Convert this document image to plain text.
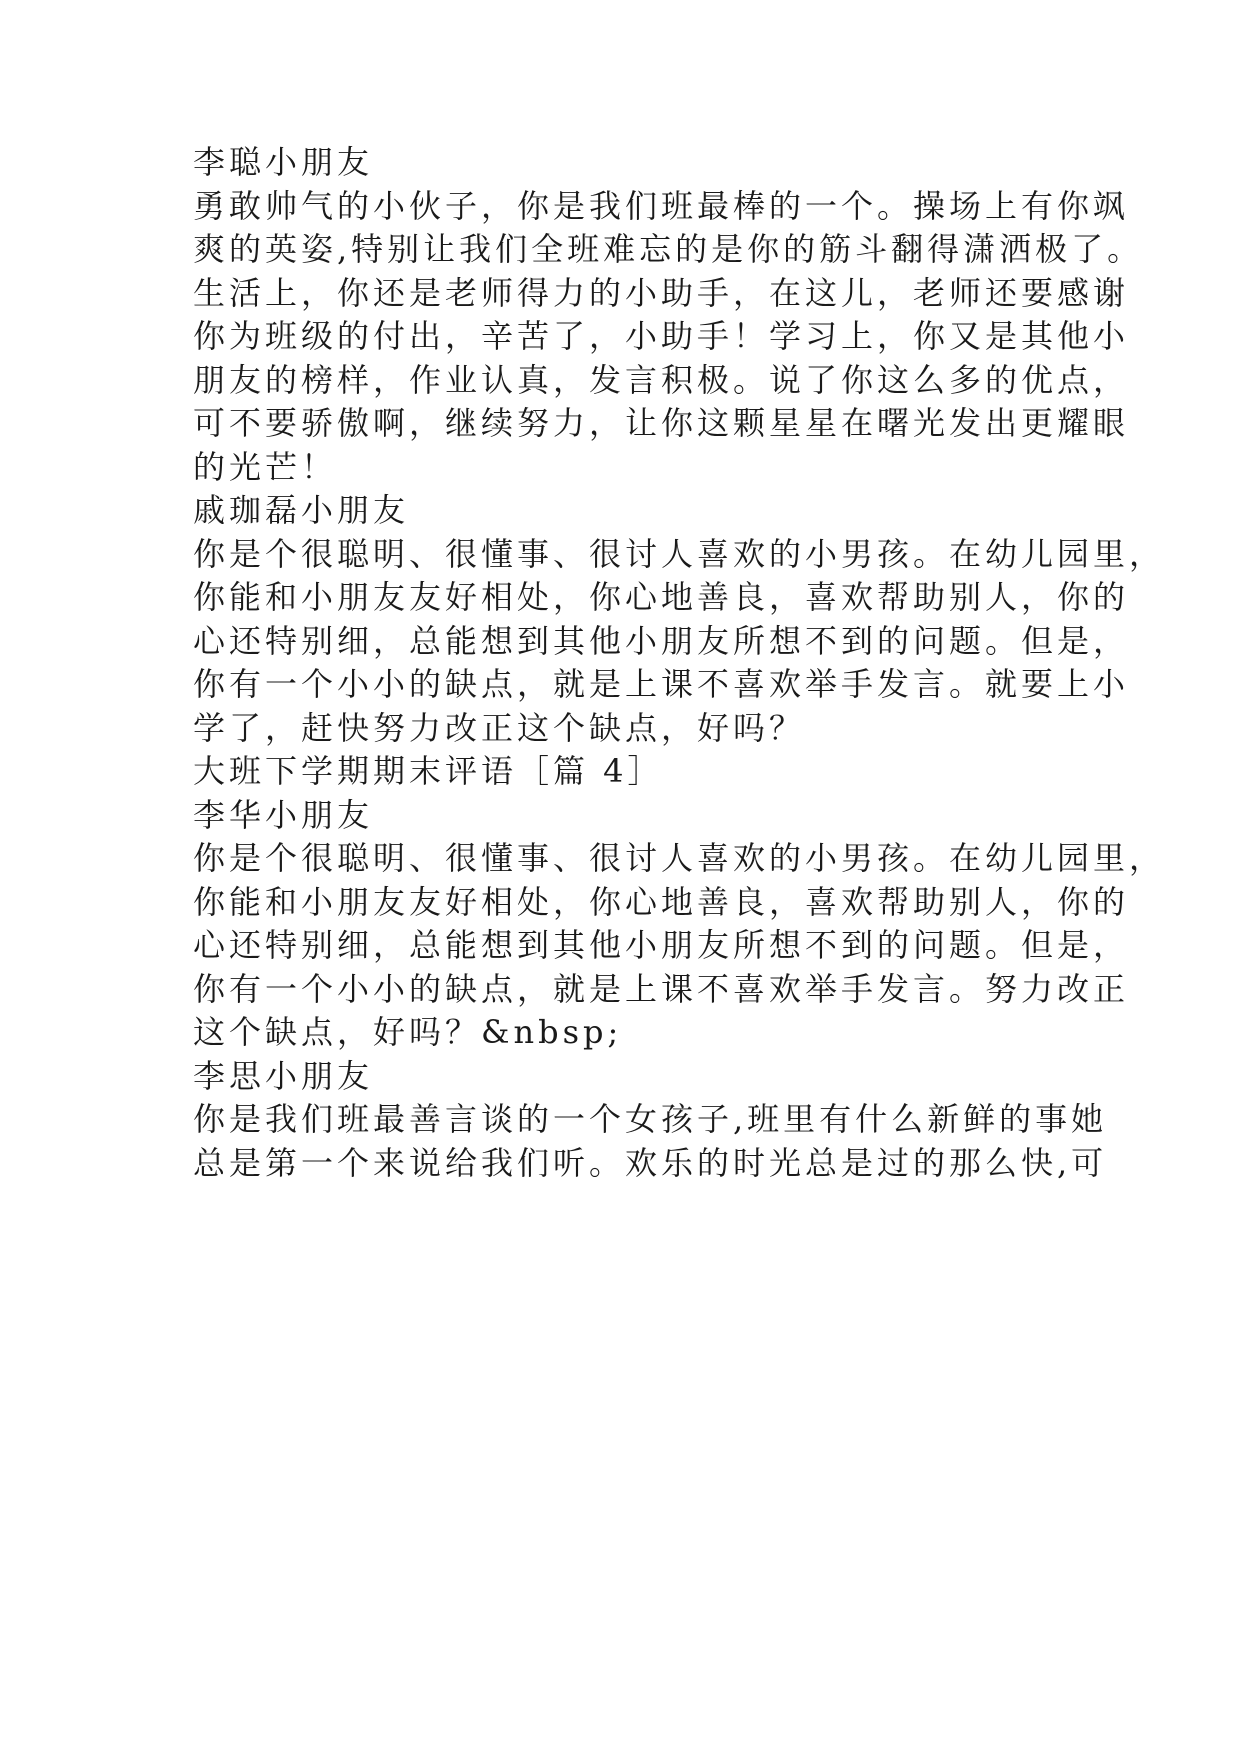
李聪小朋友
勇敢帅气的小伙子，你是我们班最棒的一个。操场上有你飒
爽的英姿,特别让我们全班难忘的是你的筋斗翻得潇洒极了。
生活上，你还是老师得力的小助手，在这儿，老师还要感谢
你为班级的付出，辛苦了，小助手！学习上，你又是其他小
朋友的榜样，作业认真，发言积极。说了你这么多的优点，
可不要骄傲啊，继续努力，让你这颗星星在曙光发出更耀眼
的光芒！
戚珈磊小朋友
你是个很聪明、很懂事、很讨人喜欢的小男孩。在幼儿园里，
你能和小朋友友好相处，你心地善良，喜欢帮助别人，你的
心还特别细，总能想到其他小朋友所想不到的问题。但是，
你有一个小小的缺点，就是上课不喜欢举手发言。就要上小
学了，赶快努力改正这个缺点，好吗？
大班下学期期末评语［篇 4］
李华小朋友
你是个很聪明、很懂事、很讨人喜欢的小男孩。在幼儿园里，
你能和小朋友友好相处，你心地善良，喜欢帮助别人，你的
心还特别细，总能想到其他小朋友所想不到的问题。但是，
你有一个小小的缺点，就是上课不喜欢举手发言。努力改正
这个缺点，好吗？&nbsp;
李思小朋友
你是我们班最善言谈的一个女孩子,班里有什么新鲜的事她
总是第一个来说给我们听。欢乐的时光总是过的那么快,可
